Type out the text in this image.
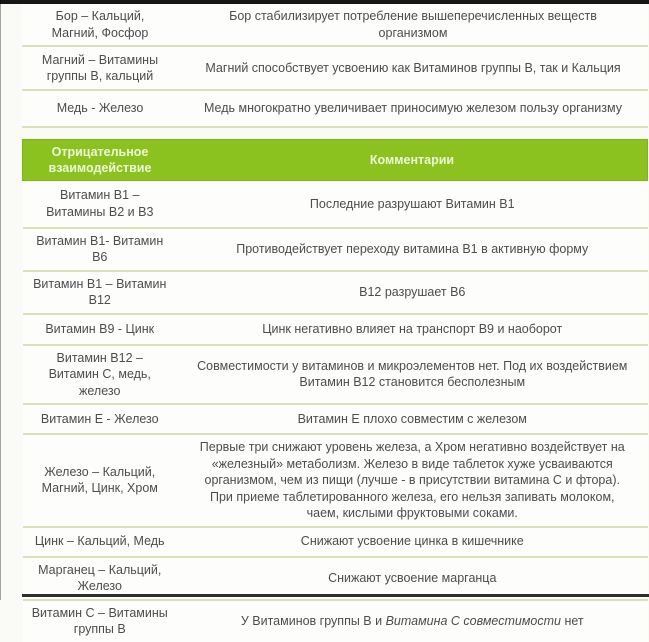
Бор – Кальций, Магний, Фосфор	Бор стабилизирует потребление вышеперечисленных веществ организмом
Магний – Витамины группы В, кальций	Магний способствует усвоению как Витаминов группы В, так и Кальция
Медь - Железо	Медь многократно увеличивает приносимую железом пользу организму
Отрицательное взаимодействие	Комментарии
Витамин В1 – Витамины В2 и В3	Последние разрушают Витамин В1
Витамин В1- Витамин В6	Противодействует переходу витамина В1 в активную форму
Витамин В1 – Витамин В12	В12 разрушает В6
Витамин В9 - Цинк	Цинк негативно влияет на транспорт В9 и наоборот
Витамин В12 – Витамин С, медь, железо	Совместимости у витаминов и микроэлементов нет. Под их воздействием Витамин В12 становится бесполезным
Витамин Е - Железо	Витамин Е плохо совместим с железом
Железо – Кальций, Магний, Цинк, Хром	Первые три снижают уровень железа, а Хром негативно воздействует на «железный» метаболизм. Железо в виде таблеток хуже усваиваются организмом, чем из пищи (лучше - в присутствии витамина С и фтора). При приеме таблетированного железа, его нельзя запивать молоком, чаем, кислыми фруктовыми соками.
Цинк – Кальций, Медь	Снижают усвоение цинка в кишечнике
Марганец – Кальций, Железо	Снижают усвоение марганца
Витамин С – Витамины группы В	У Витаминов группы В и Витамина С совместимости нет
